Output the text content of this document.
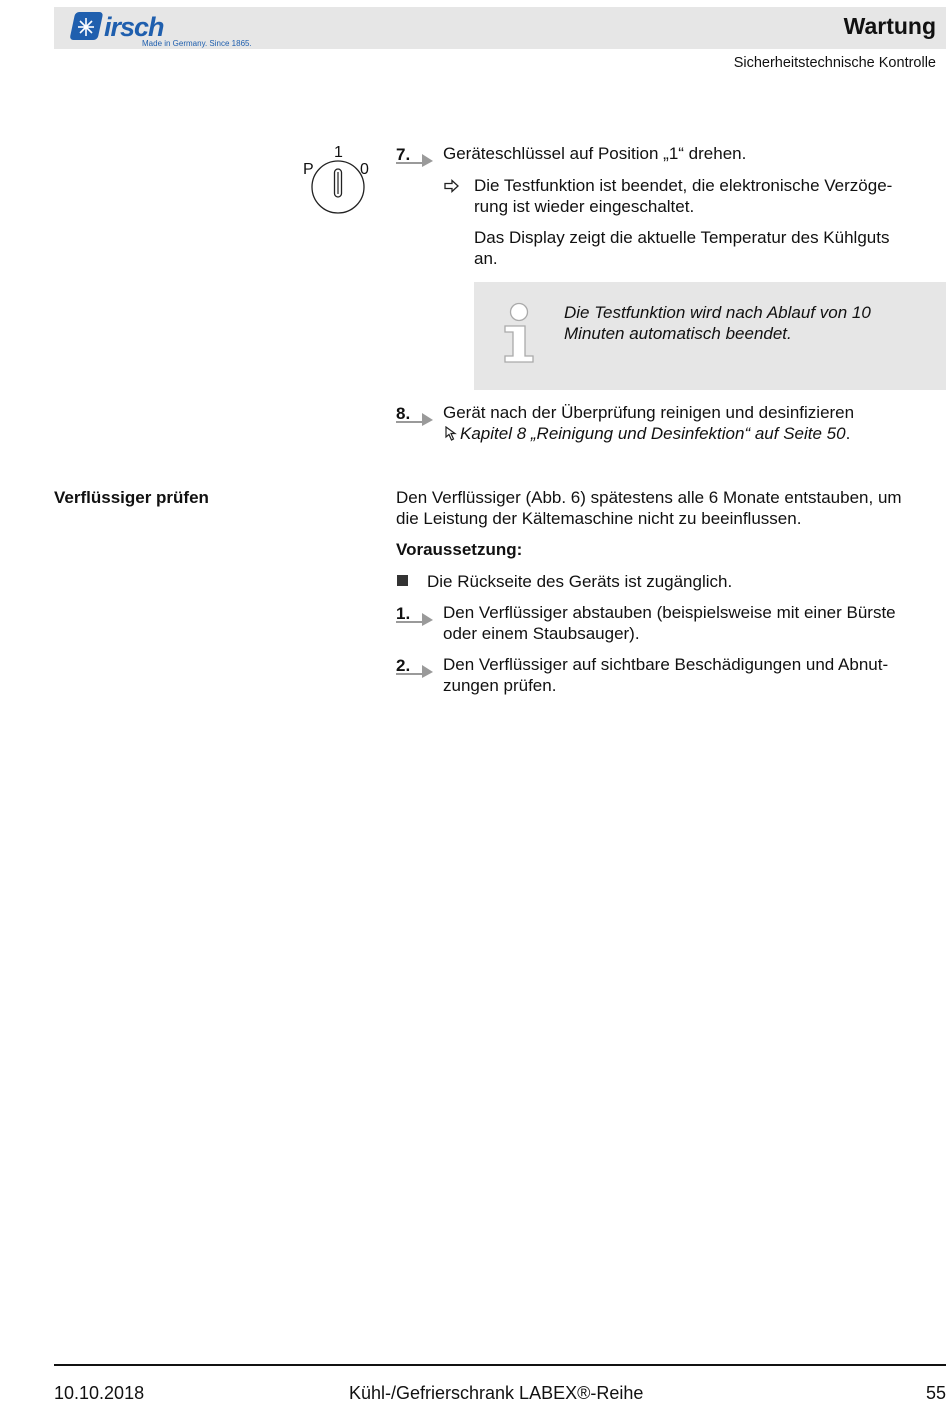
irsch
Made in Germany. Since 1865.
Wartung
Sicherheitstechnische Kontrolle
P
1
0
7. Geräteschlüssel auf Position „1“ drehen.
Die Testfunktion ist beendet, die elektronische Verzöge-
rung ist wieder eingeschaltet.
Das Display zeigt die aktuelle Temperatur des Kühlguts
an.
Die Testfunktion wird nach Ablauf von 10
Minuten automatisch beendet.
8. Gerät nach der Überprüfung reinigen und desinfizieren
Kapitel 8 „Reinigung und Desinfektion“ auf Seite 50.
Verflüssiger prüfen	Den Verflüssiger (Abb. 6) spätestens alle 6 Monate entstauben, um
die Leistung der Kältemaschine nicht zu beeinflussen.
Voraussetzung:
Die Rückseite des Geräts ist zugänglich.
1. Den Verflüssiger abstauben (beispielsweise mit einer Bürste
oder einem Staubsauger).
2. Den Verflüssiger auf sichtbare Beschädigungen und Abnut-
zungen prüfen.
10.10.2018	Kühl-/Gefrierschrank LABEX®-Reihe	55
